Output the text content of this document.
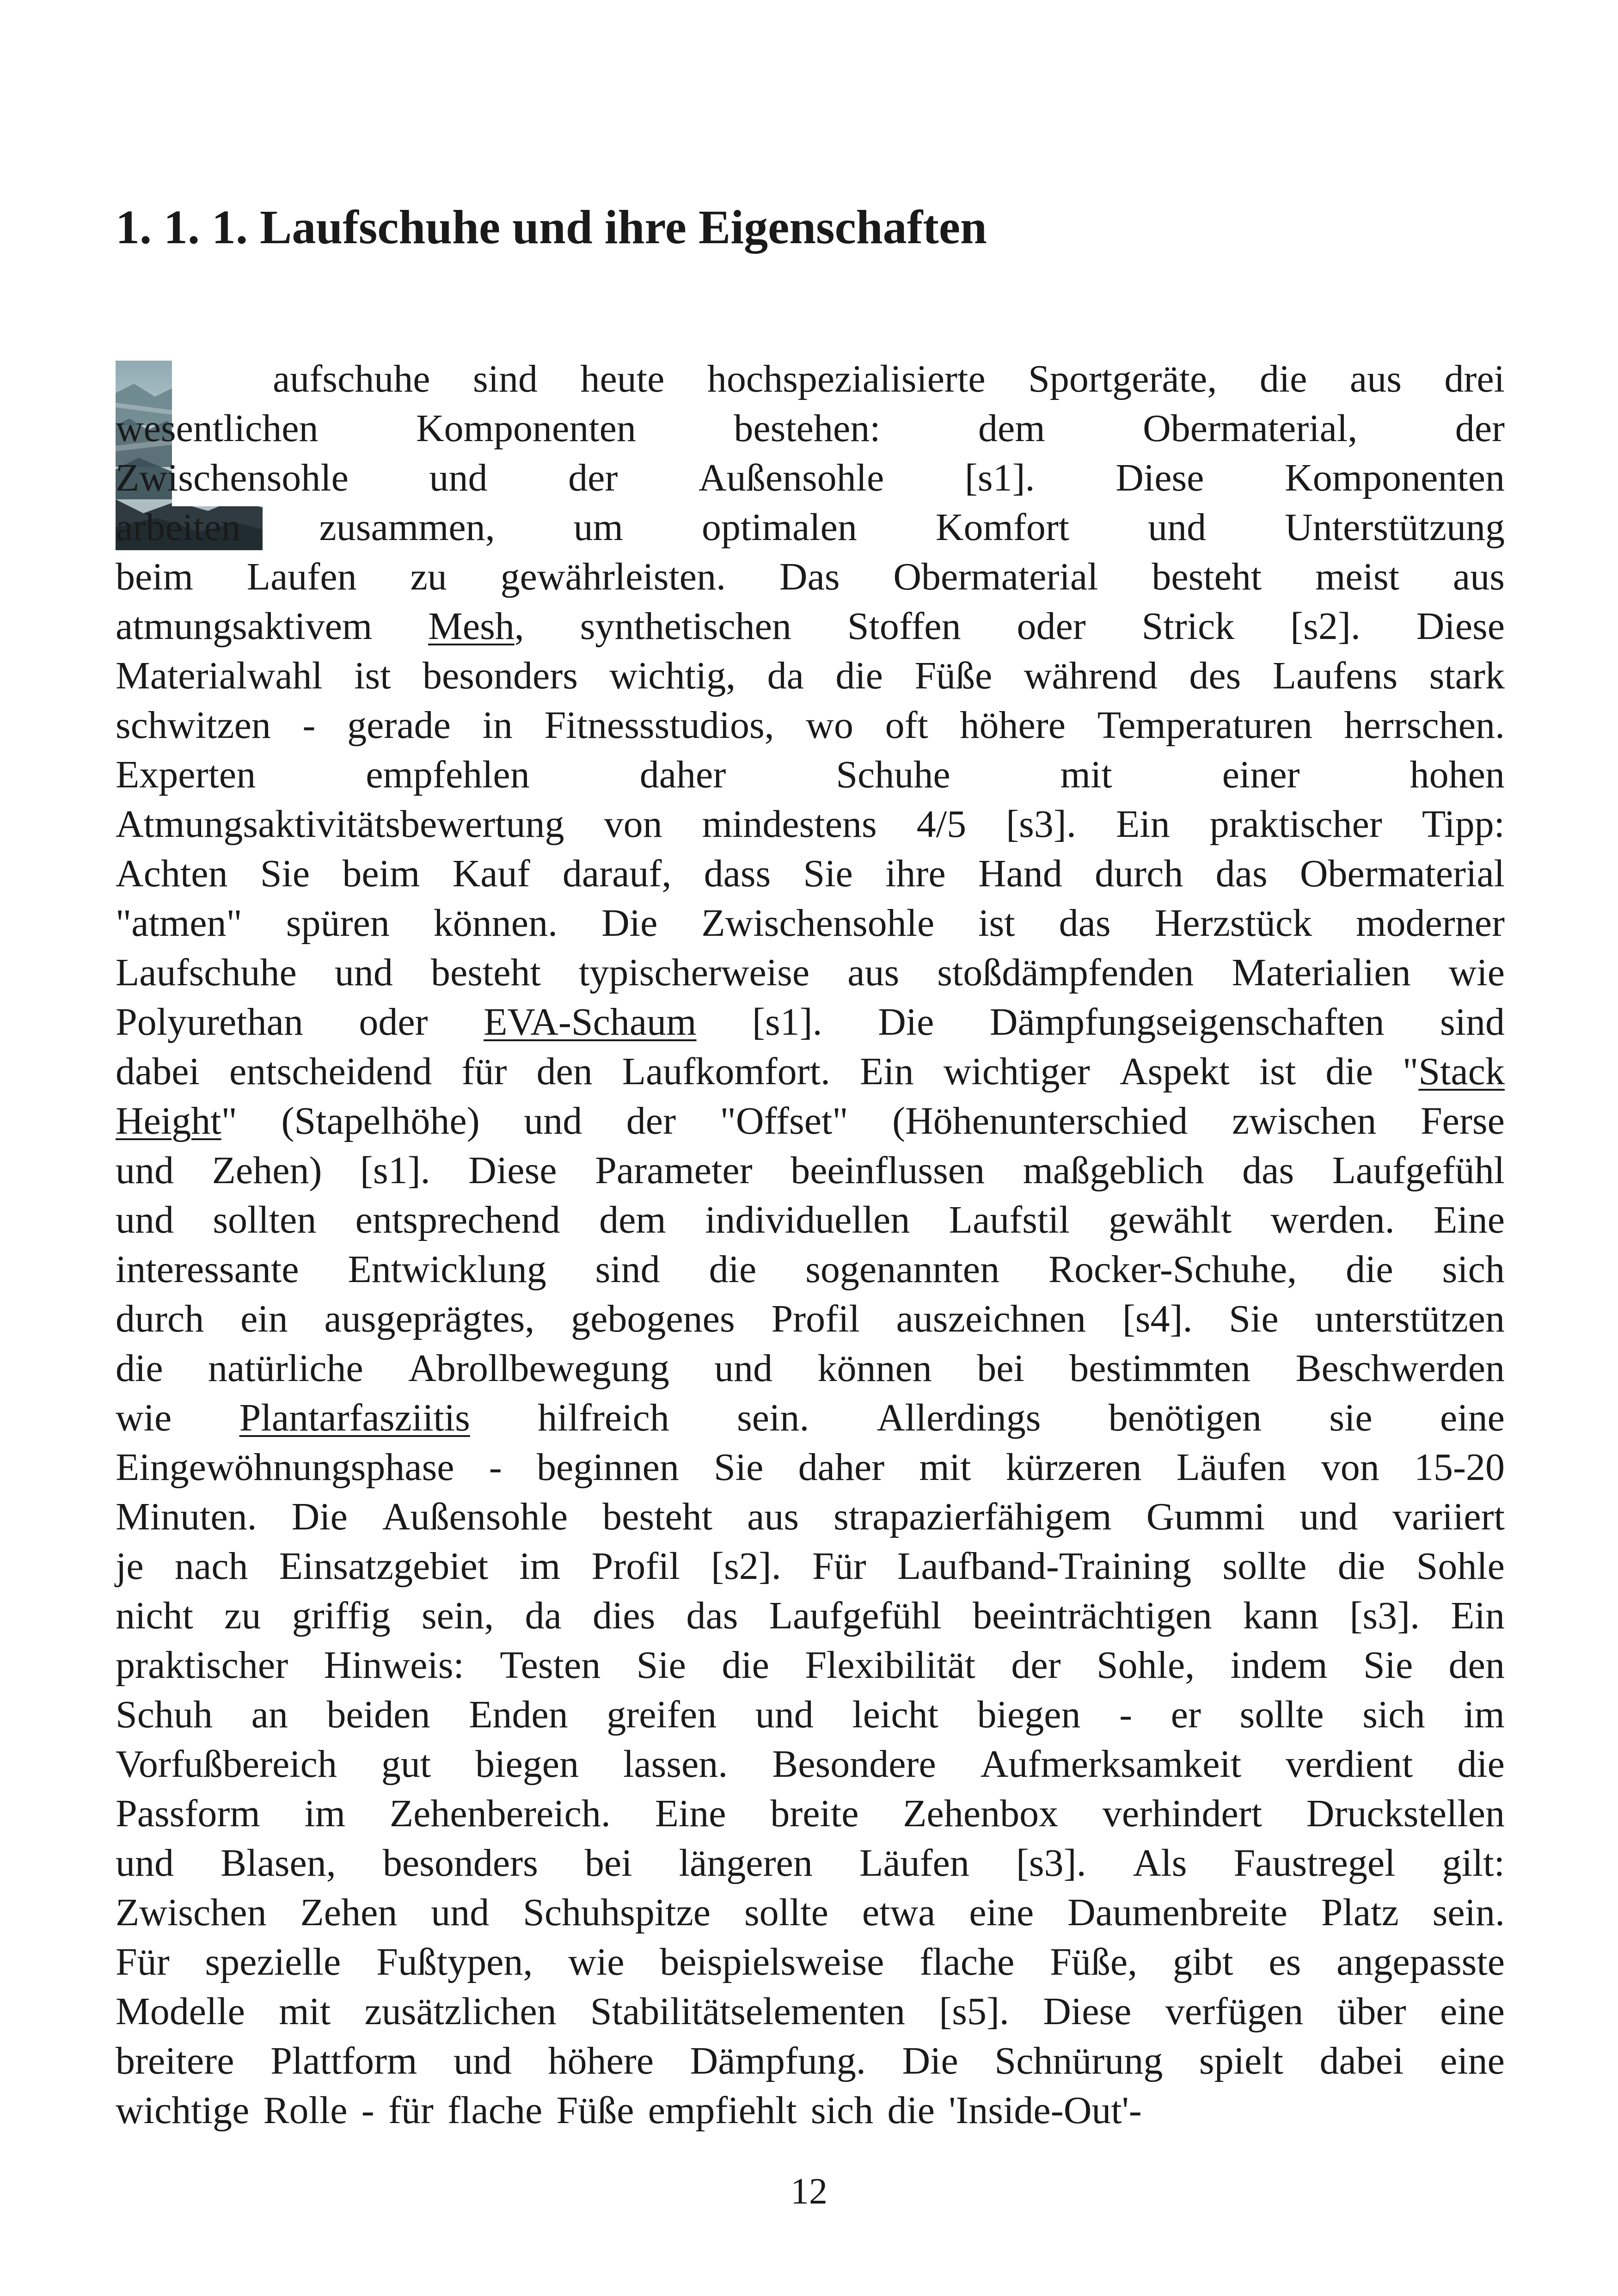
1. 1. 1. Laufschuhe und ihre Eigenschaften
aufschuhe sind heute hochspezialisierte Sportgeräte, die aus drei
wesentlichen	Komponenten	bestehen:	dem	Obermaterial,	der
Zwischensohle und der Außensohle [s1]. Diese Komponenten
arbeiten zusammen, um optimalen Komfort und Unterstützung
beim Laufen zu gewährleisten. Das Obermaterial besteht meist aus
atmungsaktivem Mesh, synthetischen Stoffen oder Strick [s2]. Diese
Materialwahl ist besonders wichtig, da die Füße während des Laufens stark
schwitzen - gerade in Fitnessstudios, wo oft höhere Temperaturen herrschen.
Experten	empfehlen	daher	Schuhe	mit	einer	hohen
Atmungsaktivitätsbewertung von mindestens 4/5 [s3]. Ein praktischer Tipp:
Achten Sie beim Kauf darauf, dass Sie ihre Hand durch das Obermaterial
"atmen" spüren können. Die Zwischensohle ist das Herzstück moderner
Laufschuhe und besteht typischerweise aus stoßdämpfenden Materialien wie
Polyurethan oder EVA-Schaum [s1]. Die Dämpfungseigenschaften sind
dabei entscheidend für den Laufkomfort. Ein wichtiger Aspekt ist die "Stack
Height" (Stapelhöhe) und der "Offset" (Höhenunterschied zwischen Ferse
und Zehen) [s1]. Diese Parameter beeinflussen maßgeblich das Laufgefühl
und sollten entsprechend dem individuellen Laufstil gewählt werden. Eine
interessante Entwicklung sind die sogenannten Rocker-Schuhe, die sich
durch ein ausgeprägtes, gebogenes Profil auszeichnen [s4]. Sie unterstützen
die natürliche Abrollbewegung und können bei bestimmten Beschwerden
wie Plantarfasziitis hilfreich sein. Allerdings benötigen sie eine
Eingewöhnungsphase - beginnen Sie daher mit kürzeren Läufen von 15-20
Minuten. Die Außensohle besteht aus strapazierfähigem Gummi und variiert
je nach Einsatzgebiet im Profil [s2]. Für Laufband-Training sollte die Sohle
nicht zu griffig sein, da dies das Laufgefühl beeinträchtigen kann [s3]. Ein
praktischer Hinweis: Testen Sie die Flexibilität der Sohle, indem Sie den
Schuh an beiden Enden greifen und leicht biegen - er sollte sich im
Vorfußbereich gut biegen lassen. Besondere Aufmerksamkeit verdient die
Passform im Zehenbereich. Eine breite Zehenbox verhindert Druckstellen
und Blasen, besonders bei längeren Läufen [s3]. Als Faustregel gilt:
Zwischen Zehen und Schuhspitze sollte etwa eine Daumenbreite Platz sein.
Für spezielle Fußtypen, wie beispielsweise flache Füße, gibt es angepasste
Modelle mit zusätzlichen Stabilitätselementen [s5]. Diese verfügen über eine
breitere Plattform und höhere Dämpfung. Die Schnürung spielt dabei eine
wichtige Rolle - für flache Füße empfiehlt sich die 'Inside-Out'-
12
